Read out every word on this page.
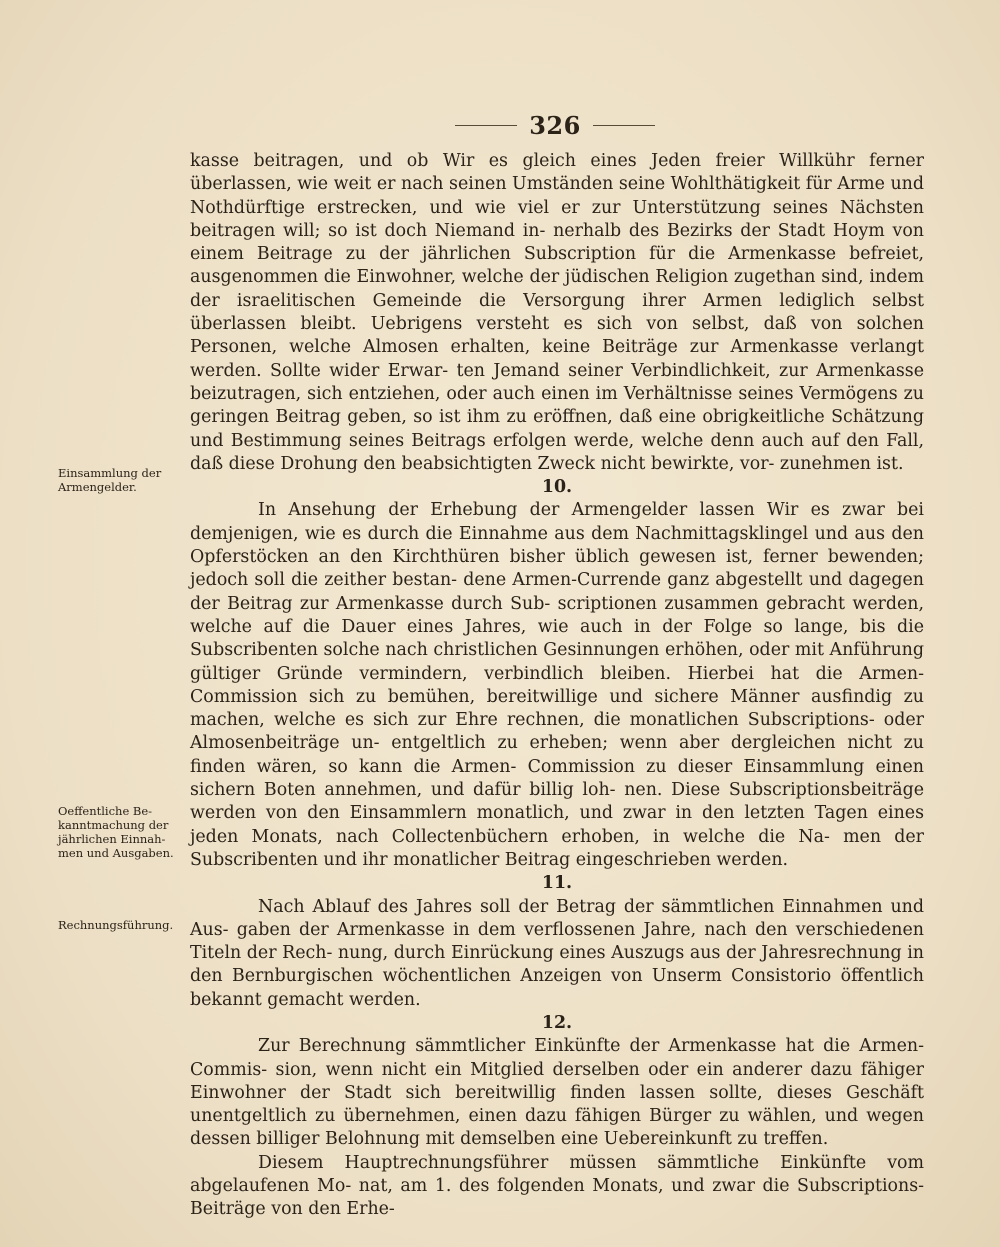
326
Einsammlung der Armengelder.
Oeffentliche Be- kanntmachung der jährlichen Einnah- men und Ausgaben.
Rechnungsführung.

kasse beitragen, und ob Wir es gleich eines Jeden freier Willkühr ferner überlassen, wie weit er nach seinen Umständen seine Wohlthätigkeit für Arme und Nothdürftige erstrecken, und wie viel er zur Unterstützung seines Nächsten beitragen will; so ist doch Niemand in- nerhalb des Bezirks der Stadt Hoym von einem Beitrage zu der jährlichen Subscription für die Armenkasse befreiet, ausgenommen die Einwohner, welche der jüdischen Religion zugethan sind, indem der israelitischen Gemeinde die Versorgung ihrer Armen lediglich selbst überlassen bleibt. Uebrigens versteht es sich von selbst, daß von solchen Personen, welche Almosen erhalten, keine Beiträge zur Armenkasse verlangt werden. Sollte wider Erwar- ten Jemand seiner Verbindlichkeit, zur Armenkasse beizutragen, sich entziehen, oder auch einen im Verhältnisse seines Vermögens zu geringen Beitrag geben, so ist ihm zu eröffnen, daß eine obrigkeitliche Schätzung und Bestimmung seines Beitrags erfolgen werde, welche denn auch auf den Fall, daß diese Drohung den beabsichtigten Zweck nicht bewirkte, vor- zunehmen ist.

10.

In Ansehung der Erhebung der Armengelder lassen Wir es zwar bei demjenigen, wie es durch die Einnahme aus dem Nachmittagsklingel und aus den Opferstöcken an den Kirchthüren bisher üblich gewesen ist, ferner bewenden; jedoch soll die zeither bestan- dene Armen-Currende ganz abgestellt und dagegen der Beitrag zur Armenkasse durch Sub- scriptionen zusammen gebracht werden, welche auf die Dauer eines Jahres, wie auch in der Folge so lange, bis die Subscribenten solche nach christlichen Gesinnungen erhöhen, oder mit Anführung gültiger Gründe vermindern, verbindlich bleiben. Hierbei hat die Armen-Commission sich zu bemühen, bereitwillige und sichere Männer ausfindig zu machen, welche es sich zur Ehre rechnen, die monatlichen Subscriptions- oder Almosenbeiträge un- entgeltlich zu erheben; wenn aber dergleichen nicht zu finden wären, so kann die Armen- Commission zu dieser Einsammlung einen sichern Boten annehmen, und dafür billig loh- nen. Diese Subscriptionsbeiträge werden von den Einsammlern monatlich, und zwar in den letzten Tagen eines jeden Monats, nach Collectenbüchern erhoben, in welche die Na- men der Subscribenten und ihr monatlicher Beitrag eingeschrieben werden.

11.

Nach Ablauf des Jahres soll der Betrag der sämmtlichen Einnahmen und Aus- gaben der Armenkasse in dem verflossenen Jahre, nach den verschiedenen Titeln der Rech- nung, durch Einrückung eines Auszugs aus der Jahresrechnung in den Bernburgischen wöchentlichen Anzeigen von Unserm Consistorio öffentlich bekannt gemacht werden.

12.

Zur Berechnung sämmtlicher Einkünfte der Armenkasse hat die Armen-Commis- sion, wenn nicht ein Mitglied derselben oder ein anderer dazu fähiger Einwohner der Stadt sich bereitwillig finden lassen sollte, dieses Geschäft unentgeltlich zu übernehmen, einen dazu fähigen Bürger zu wählen, und wegen dessen billiger Belohnung mit demselben eine Uebereinkunft zu treffen.

Diesem Hauptrechnungsführer müssen sämmtliche Einkünfte vom abgelaufenen Mo- nat, am 1. des folgenden Monats, und zwar die Subscriptions-Beiträge von den Erhe-
